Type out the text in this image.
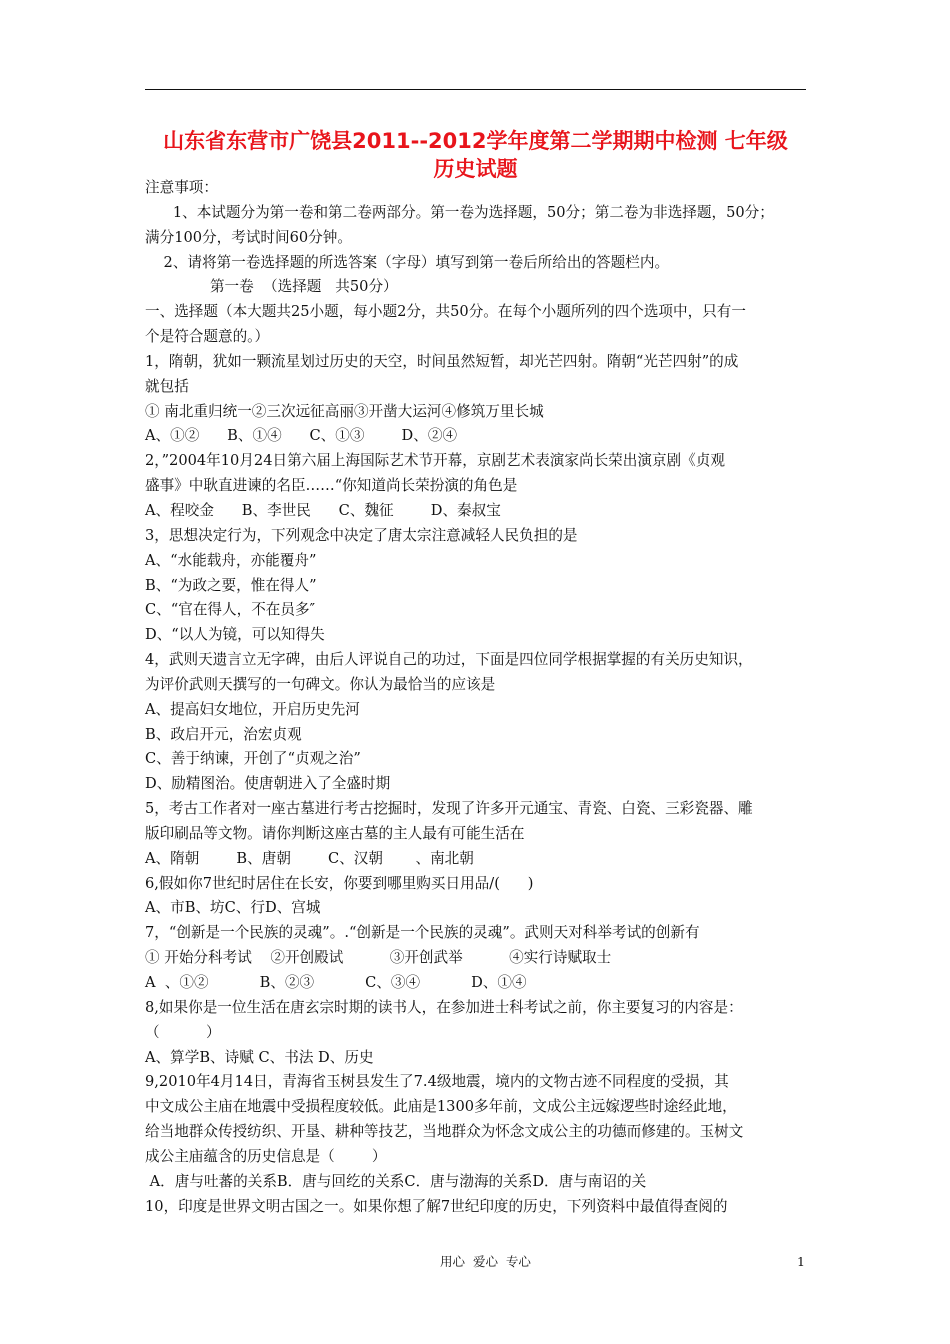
山东省东营市广饶县2011--2012学年度第二学期期中检测 七年级
历史试题
注意事项：
1、本试题分为第一卷和第二卷两部分。第一卷为选择题，50分；第二卷为非选择题，50分；
满分100分，考试时间60分钟。
2、请将第一卷选择题的所选答案（字母）填写到第一卷后所给出的答题栏内。
第一卷  （选择题   共50分）
一、选择题（本大题共25小题，每小题2分，共50分。在每个小题所列的四个选项中，只有一
个是符合题意的。）
1，隋朝，犹如一颗流星划过历史的天空，时间虽然短暂，却光芒四射。隋朝“光芒四射”的成
就包括
① 南北重归统一②三次远征高丽③开凿大运河④修筑万里长城
A、①②      B、①④      C、①③        D、②④
2，”2004年10月24日第六届上海国际艺术节开幕，京剧艺术表演家尚长荣出演京剧《贞观
盛事》中耿直进谏的名臣……“你知道尚长荣扮演的角色是
A、程咬金      B、李世民      C、魏征        D、秦叔宝
3，思想决定行为，下列观念中决定了唐太宗注意减轻人民负担的是
A、“水能载舟，亦能覆舟”
B、“为政之要，惟在得人”
C、“官在得人，不在员多″
D、“以人为镜，可以知得失
4，武则天遗言立无字碑，由后人评说自己的功过，下面是四位同学根据掌握的有关历史知识，
为评价武则天撰写的一句碑文。你认为最恰当的应该是
A、提高妇女地位，开启历史先河
B、政启开元，治宏贞观
C、善于纳谏，开创了“贞观之治”
D、励精图治。使唐朝进入了全盛时期
5，考古工作者对一座古墓进行考古挖掘时，发现了许多开元通宝、青瓷、白瓷、三彩瓷器、雕
版印刷品等文物。请你判断这座古墓的主人最有可能生活在
A、隋朝        B、唐朝        C、汉朝       、南北朝
6,假如你7世纪时居住在长安，你要到哪里购买日用品/(      )
A、市B、坊C、行D、宫城
7，“创新是一个民族的灵魂”。.“创新是一个民族的灵魂”。武则天对科举考试的创新有
① 开始分科考试    ②开创殿试          ③开创武举          ④实行诗赋取士
A  、①②           B、②③           C、③④           D、①④
8,如果你是一位生活在唐玄宗时期的读书人，在参加进士科考试之前，你主要复习的内容是：
（          ）
A、算学B、诗赋 C、书法 D、历史
9,2010年4月14日，青海省玉树县发生了7.4级地震，境内的文物古迹不同程度的受损，其
中文成公主庙在地震中受损程度较低。此庙是1300多年前，文成公主远嫁逻些时途经此地，
给当地群众传授纺织、开垦、耕种等技艺，当地群众为怀念文成公主的功德而修建的。玉树文
成公主庙蕴含的历史信息是（        ）
A．唐与吐蕃的关系B．唐与回纥的关系C．唐与渤海的关系D．唐与南诏的关
10，印度是世界文明古国之一。如果你想了解7世纪印度的历史，下列资料中最值得查阅的
用心  爱心  专心	1
